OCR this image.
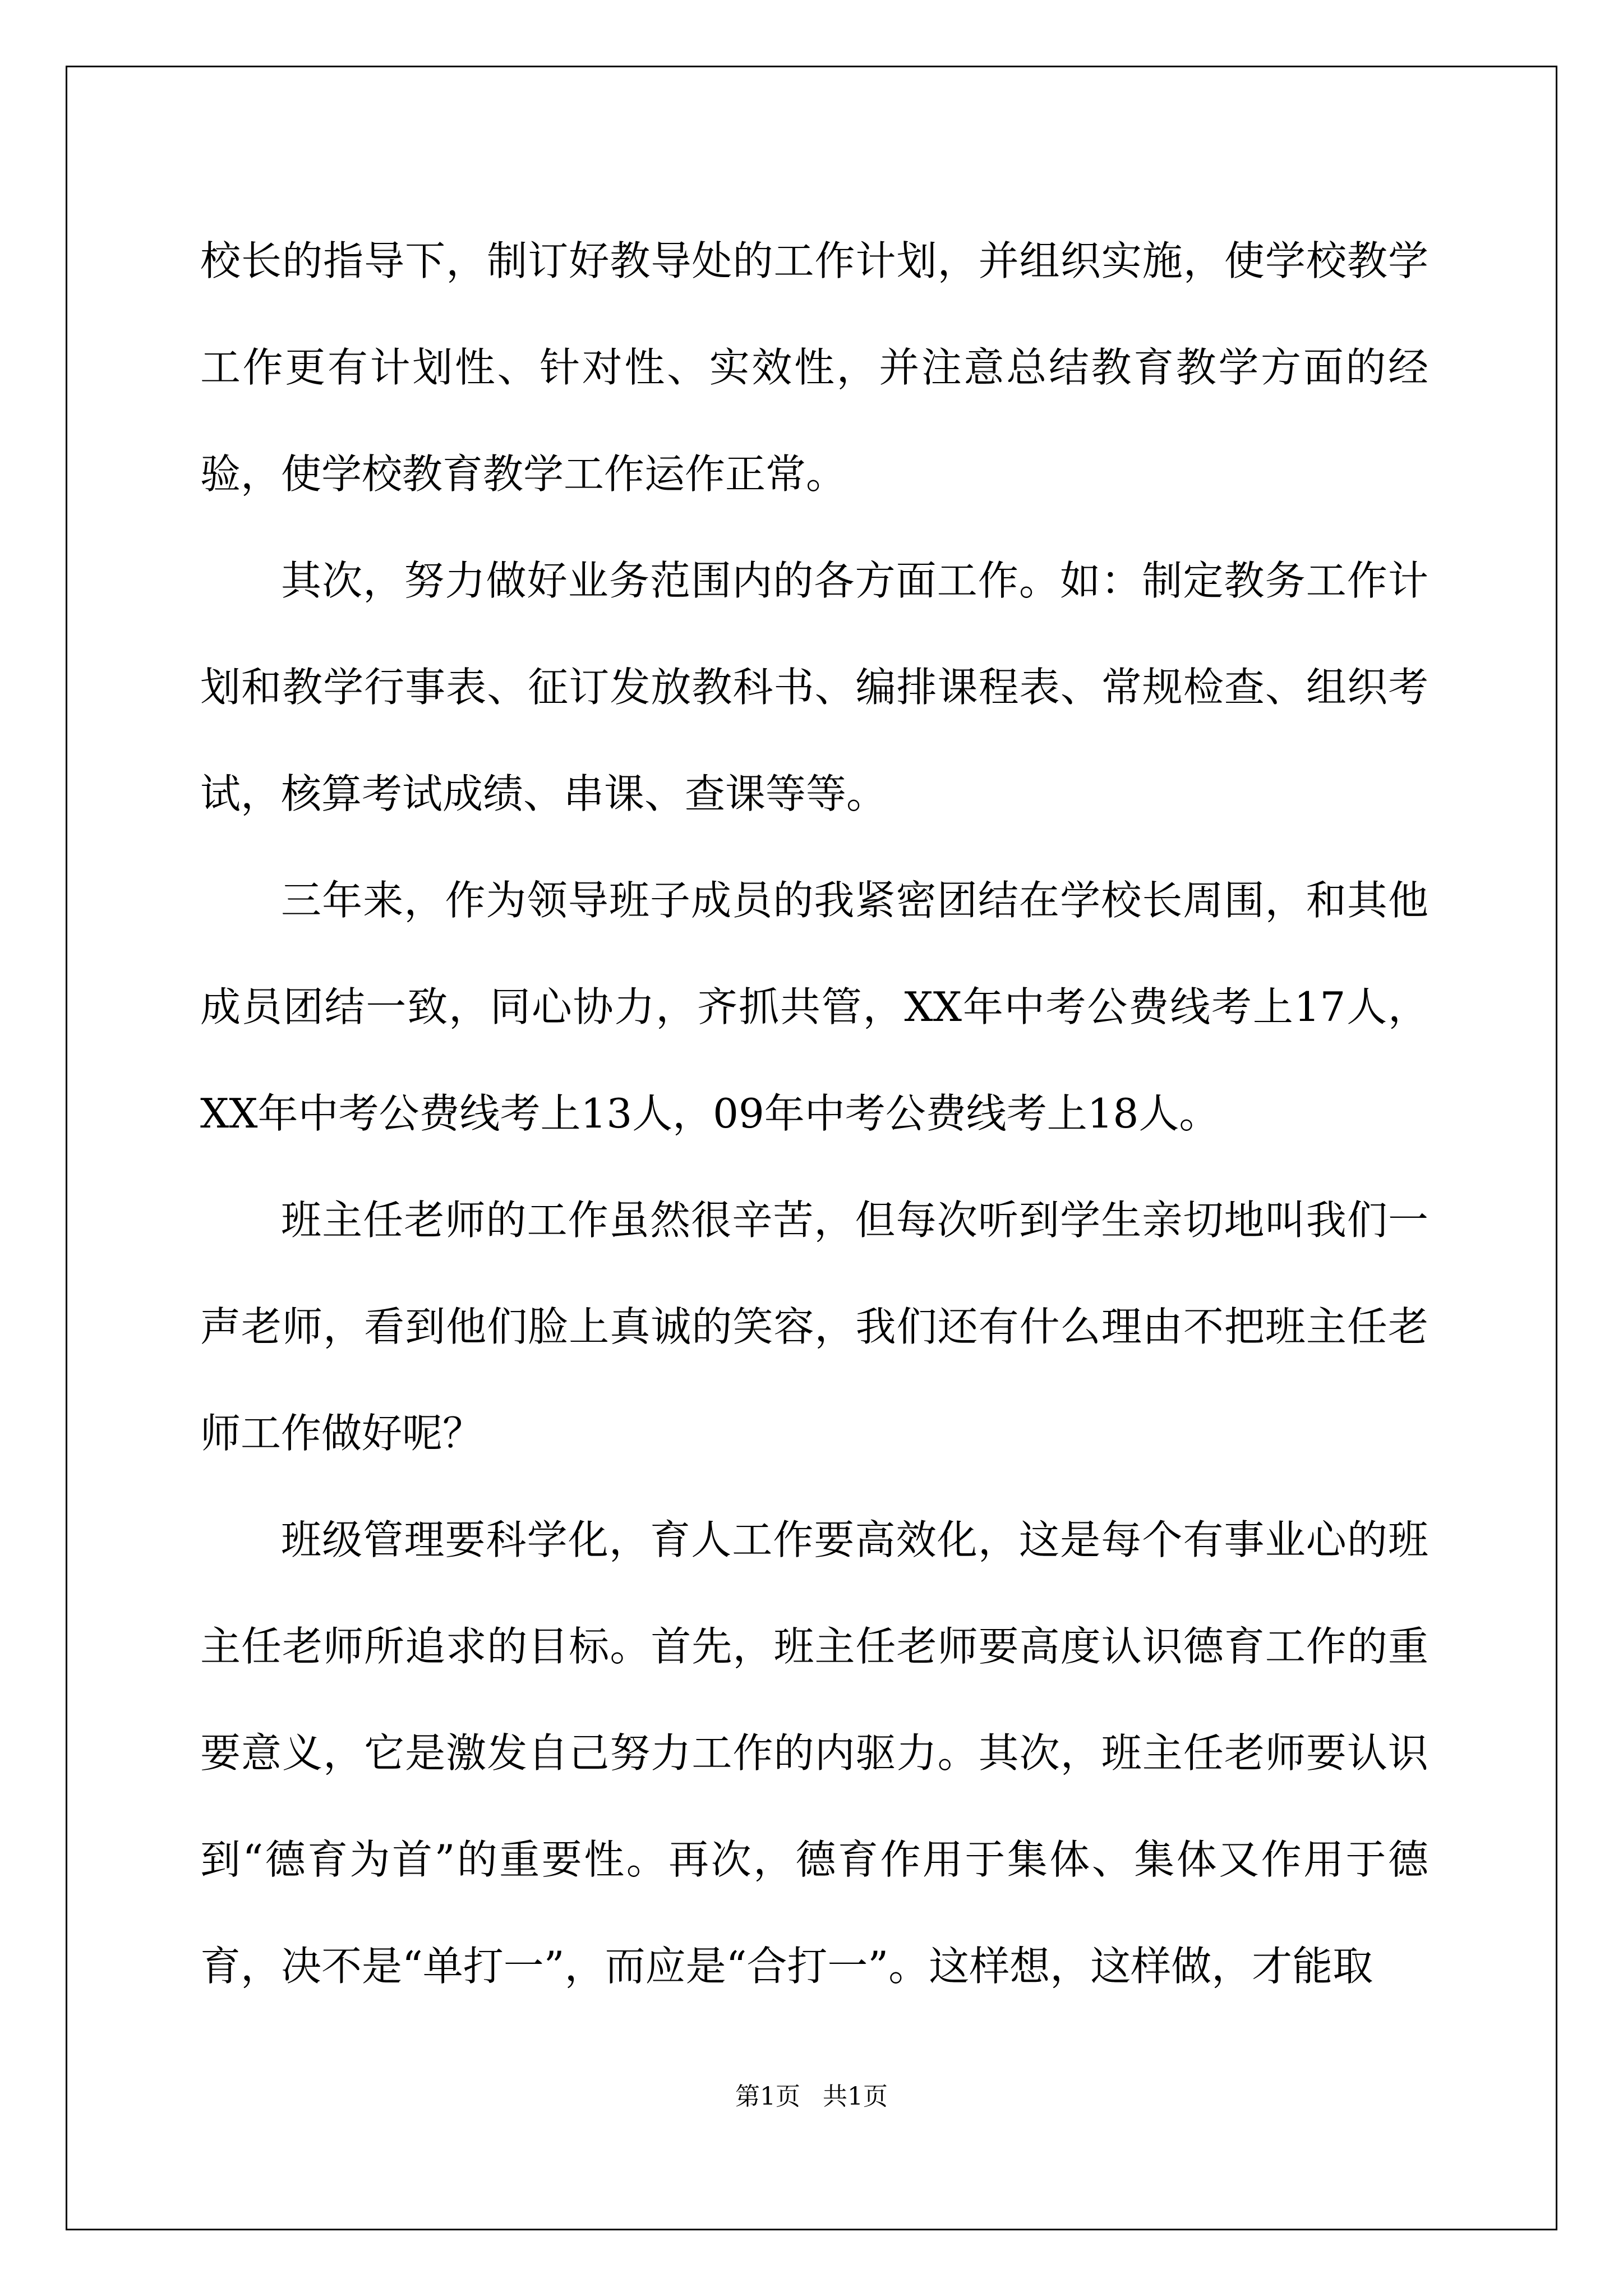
校长的指导下，制订好教导处的工作计划，并组织实施，使学校教学工作更有计划性、针对性、实效性，并注意总结教育教学方面的经验，使学校教育教学工作运作正常。

其次，努力做好业务范围内的各方面工作。如：制定教务工作计划和教学行事表、征订发放教科书、编排课程表、常规检查、组织考试，核算考试成绩、串课、查课等等。

三年来，作为领导班子成员的我紧密团结在学校长周围，和其他成员团结一致，同心协力，齐抓共管，XX年中考公费线考上17人，XX年中考公费线考上13人，09年中考公费线考上18人。

班主任老师的工作虽然很辛苦，但每次听到学生亲切地叫我们一声老师，看到他们脸上真诚的笑容，我们还有什么理由不把班主任老师工作做好呢？

班级管理要科学化，育人工作要高效化，这是每个有事业心的班主任老师所追求的目标。首先，班主任老师要高度认识德育工作的重要意义，它是激发自己努力工作的内驱力。其次，班主任老师要认识到“德育为首”的重要性。再次，德育作用于集体、集体又作用于德育，决不是“单打一”，而应是“合打一”。这样想，这样做，才能取

第1页 共1页
